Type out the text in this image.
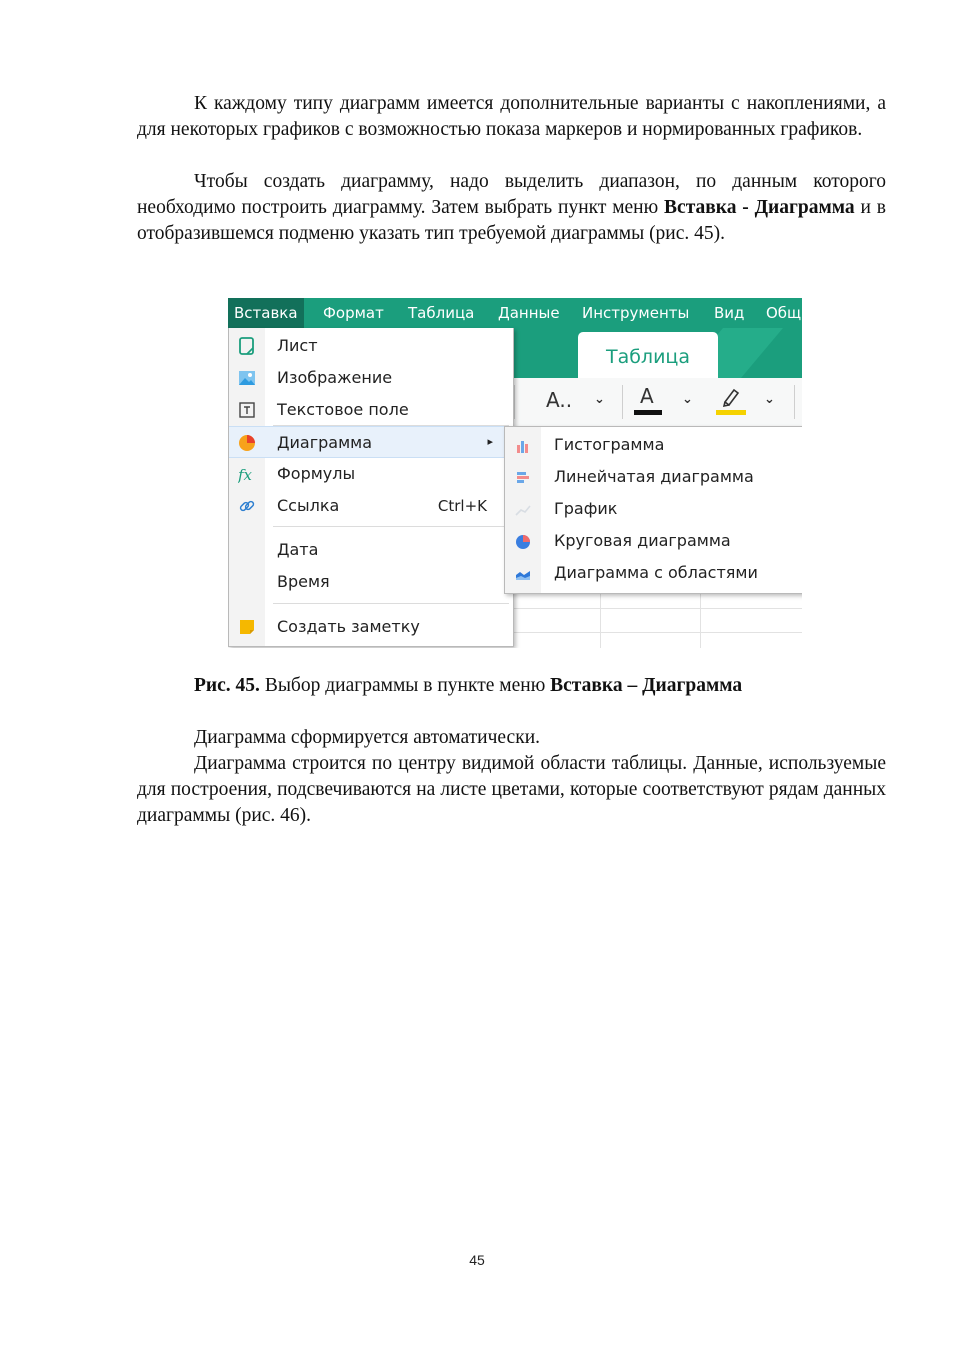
К каждому типу диаграмм имеется дополнительные варианты с накоплениями, а для некоторых графиков с возможностью показа маркеров и нормированных графиков.

Чтобы создать диаграмму, надо выделить диапазон, по данным которого необходимо построить диаграмму. Затем выбрать пункт меню Вставка - Диаграмма и в отобразившемся подменю указать тип требуемой диаграммы (рис. 45).

Вставка	Формат Таблица Данные Инструменты Вид Общ
Таблица
A.. ⌄ A ⌄	⌄
Лист
Изображение
Текстовое поле
Диаграмма	▸
fx Формулы
Ссылка	Ctrl+K
Дата
Время
Создать заметку
Гистограмма
Линейчатая диаграмма
График
Круговая диаграмма
Диаграмма с областями

Рис. 45. Выбор диаграммы в пункте меню Вставка – Диаграмма

Диаграмма сформируется автоматически.

Диаграмма строится по центру видимой области таблицы. Данные, используемые для построения, подсвечиваются на листе цветами, которые соответствуют рядам данных диаграммы (рис. 46).

45
